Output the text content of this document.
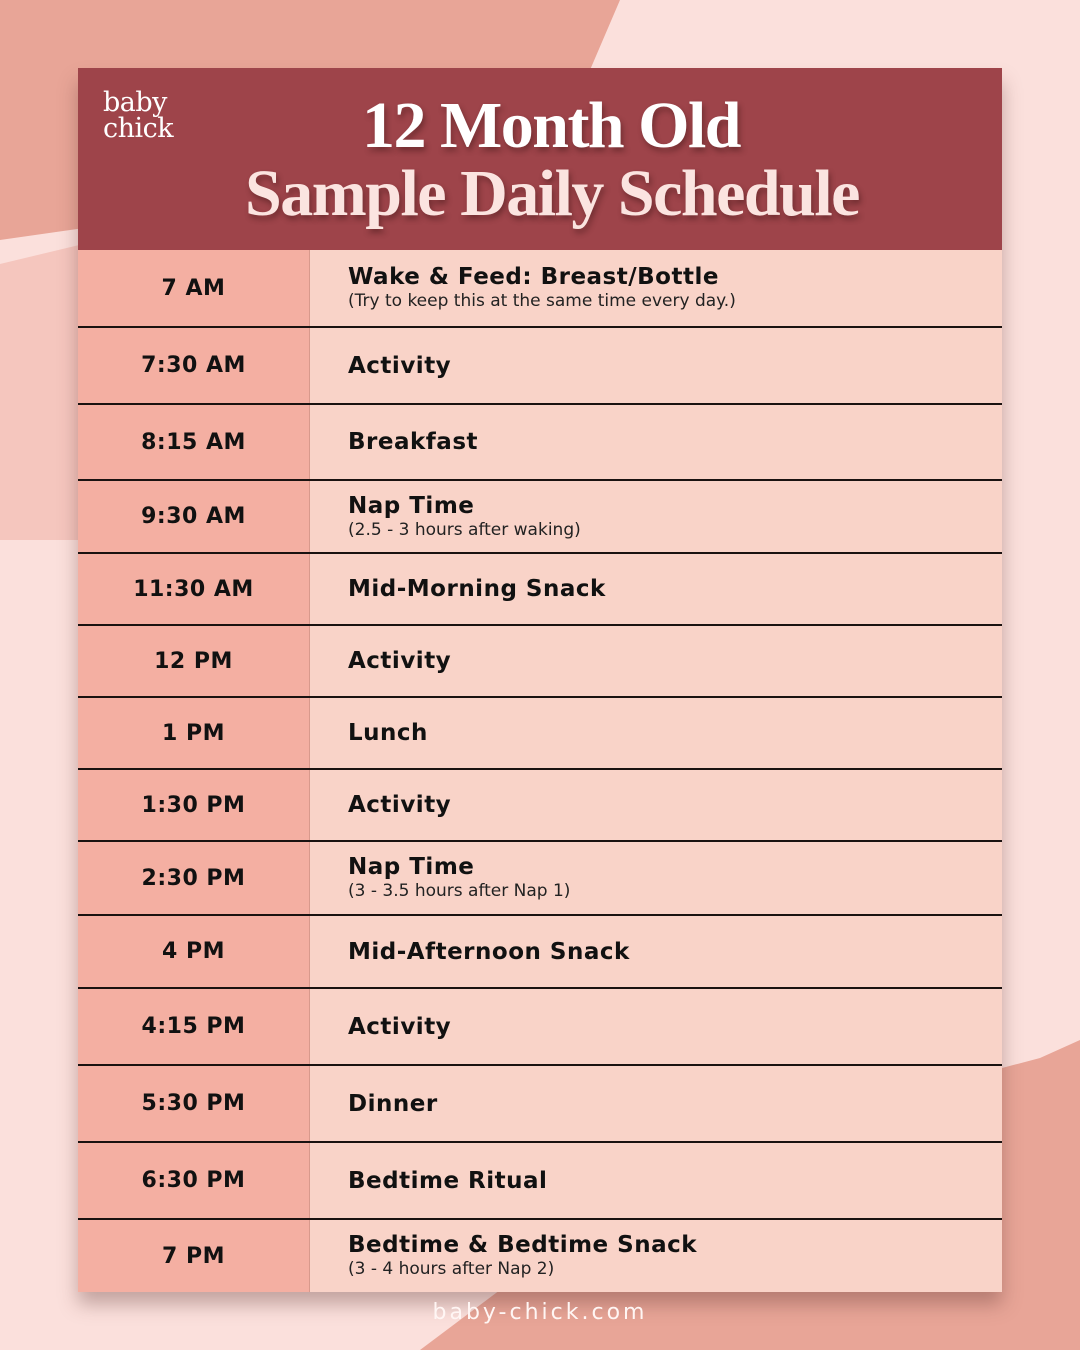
baby
chick	12 Month Old
Sample Daily Schedule
7 AM	Wake & Feed: Breast/Bottle
(Try to keep this at the same time every day.)
7:30 AM	Activity
8:15 AM	Breakfast
9:30 AM	Nap Time
(2.5 - 3 hours after waking)
11:30 AM	Mid-Morning Snack
12 PM	Activity
1 PM	Lunch
1:30 PM	Activity
2:30 PM	Nap Time
(3 - 3.5 hours after Nap 1)
4 PM	Mid-Afternoon Snack
4:15 PM	Activity
5:30 PM	Dinner
6:30 PM	Bedtime Ritual
7 PM	Bedtime & Bedtime Snack
(3 - 4 hours after Nap 2)
baby-chick.com
